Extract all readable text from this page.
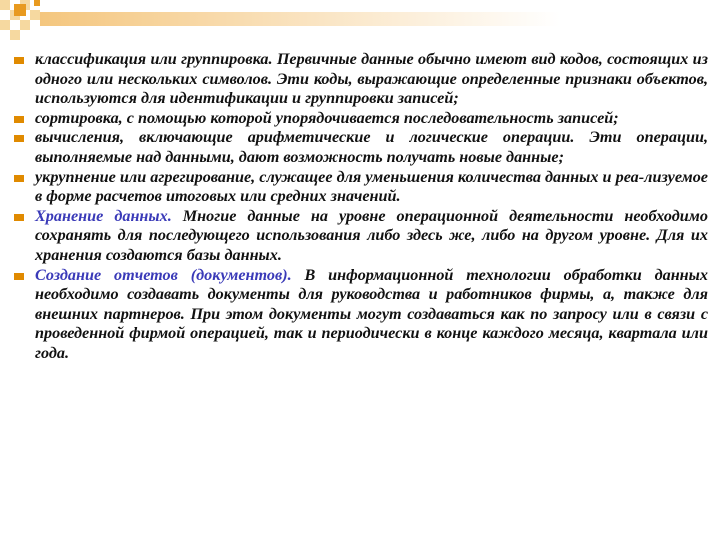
классификация или группировка. Первичные данные обычно имеют вид кодов, состоящих из одного или нескольких символов. Эти коды, выражающие определенные признаки объектов, используются для идентификации и группировки записей;

сортировка, с помощью которой упорядочивается последовательность записей;

вычисления, включающие арифметические и логические операции. Эти операции, выполняемые над данными, дают возможность получать новые данные;

укрупнение или агрегирование, служащее для уменьшения количества данных и реа-лизуемое в форме расчетов итоговых или средних значений.

Хранение данных. Многие данные на уровне операционной деятельности необходимо сохранять для последующего использования либо здесь же, либо на другом уровне. Для их хранения создаются базы данных.

Создание отчетов (документов). В информационной технологии обработки данных необходимо создавать документы для руководства и работников фирмы, а, также для внешних партнеров. При этом документы могут создаваться как по запросу или в связи с проведенной фирмой операцией, так и периодически в конце каждого месяца, квартала или года.
